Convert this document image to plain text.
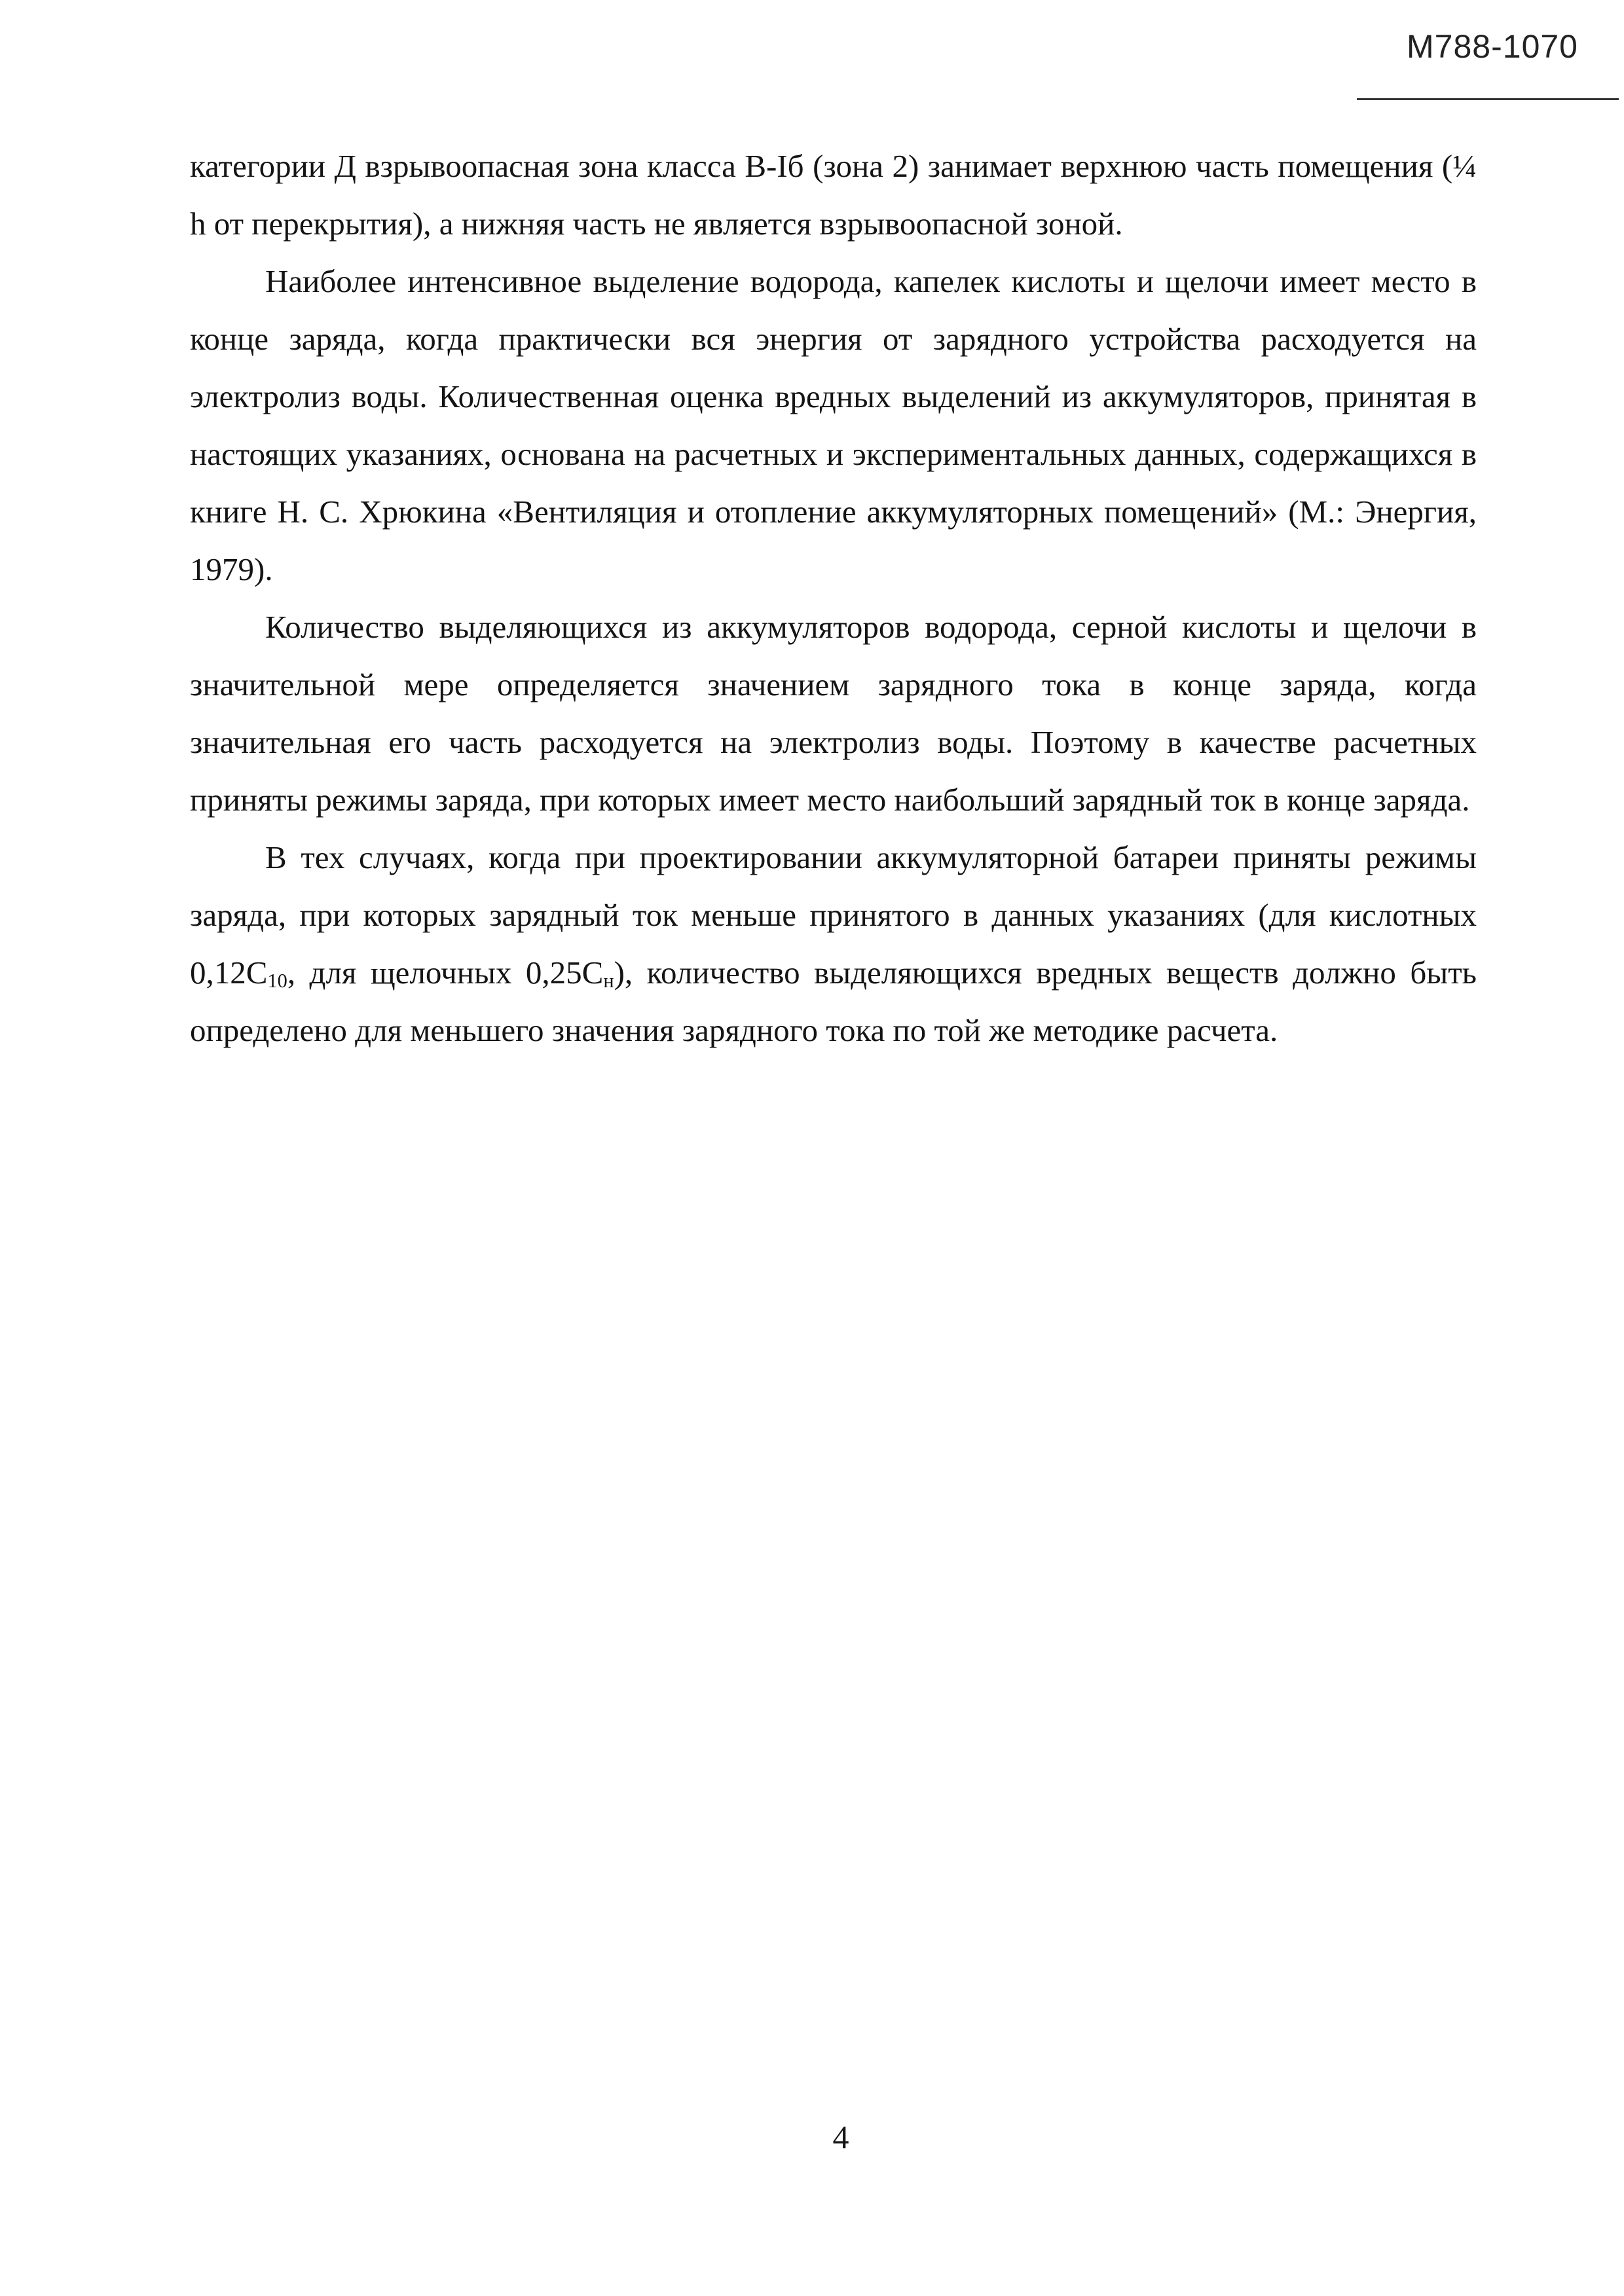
М788-1070

категории Д взрывоопасная зона класса В-Iб (зона 2) занимает верхнюю часть помещения (¼ h от перекрытия), а нижняя часть не является взрывоопасной зоной.

Наиболее интенсивное выделение водорода, капелек кислоты и щелочи имеет место в конце заряда, когда практически вся энергия от зарядного устройства расходуется на электролиз воды. Количественная оценка вредных выделений из аккумуляторов, принятая в настоящих указаниях, основана на расчетных и экспериментальных данных, содержащихся в книге Н. С. Хрюкина «Вентиляция и отопление аккумуляторных помещений» (М.: Энергия, 1979).

Количество выделяющихся из аккумуляторов водорода, серной кислоты и щелочи в значительной мере определяется значением зарядного тока в конце заряда, когда значительная его часть расходуется на электролиз воды. Поэтому в качестве расчетных приняты режимы заряда, при которых имеет место наибольший зарядный ток в конце заряда.

В тех случаях, когда при проектировании аккумуляторной батареи приняты режимы заряда, при которых зарядный ток меньше принятого в данных указаниях (для кислотных $0,12C_{10}$, для щелочных $0,25C_н$), количество выделяющихся вредных веществ должно быть определено для меньшего значения зарядного тока по той же методике расчета.

4
